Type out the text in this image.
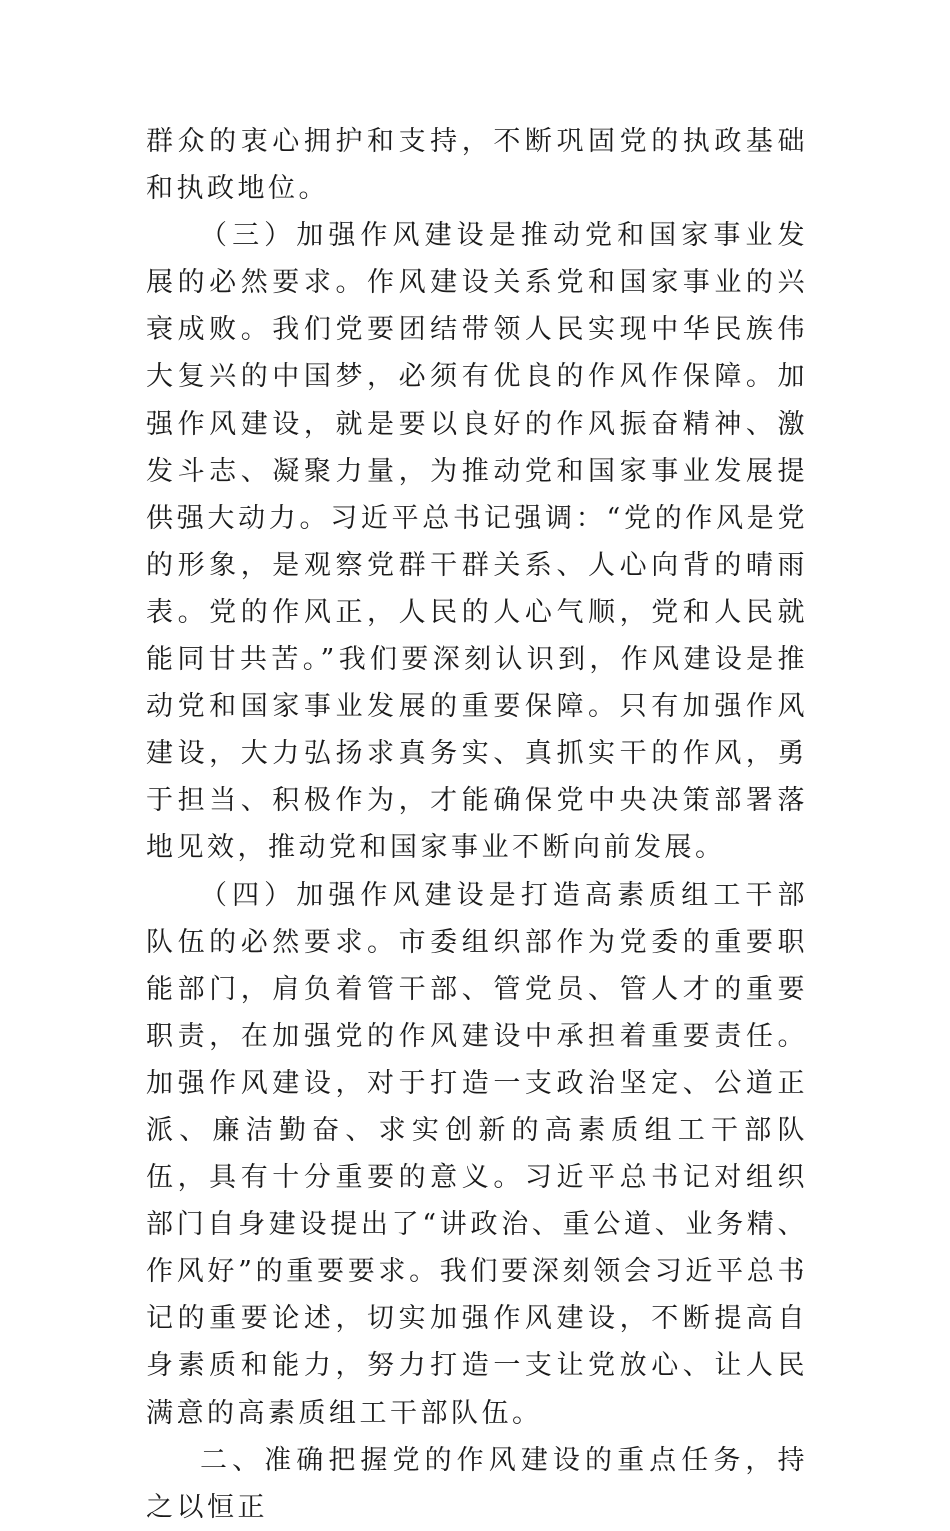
群众的衷心拥护和支持，不断巩固党的执政基础和执政地位。

（三）加强作风建设是推动党和国家事业发展的必然要求。作风建设关系党和国家事业的兴衰成败。我们党要团结带领人民实现中华民族伟大复兴的中国梦，必须有优良的作风作保障。加强作风建设，就是要以良好的作风振奋精神、激发斗志、凝聚力量，为推动党和国家事业发展提供强大动力。习近平总书记强调：“党的作风是党的形象，是观察党群干群关系、人心向背的晴雨表。党的作风正，人民的人心气顺，党和人民就能同甘共苦。”我们要深刻认识到，作风建设是推动党和国家事业发展的重要保障。只有加强作风建设，大力弘扬求真务实、真抓实干的作风，勇于担当、积极作为，才能确保党中央决策部署落地见效，推动党和国家事业不断向前发展。

（四）加强作风建设是打造高素质组工干部队伍的必然要求。市委组织部作为党委的重要职能部门，肩负着管干部、管党员、管人才的重要职责，在加强党的作风建设中承担着重要责任。加强作风建设，对于打造一支政治坚定、公道正派、廉洁勤奋、求实创新的高素质组工干部队伍，具有十分重要的意义。习近平总书记对组织部门自身建设提出了“讲政治、重公道、业务精、作风好”的重要要求。我们要深刻领会习近平总书记的重要论述，切实加强作风建设，不断提高自身素质和能力，努力打造一支让党放心、让人民满意的高素质组工干部队伍。

二、准确把握党的作风建设的重点任务，持之以恒正
